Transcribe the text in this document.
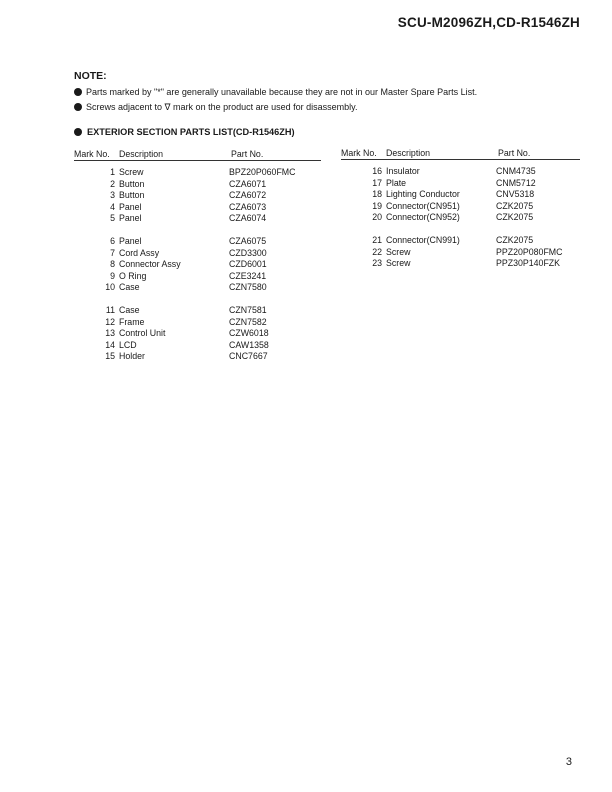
SCU-M2096ZH,CD-R1546ZH
NOTE:
Parts marked by "*" are generally unavailable because they are not in our Master Spare Parts List.
Screws adjacent to ∇ mark on the product are used for disassembly.
EXTERIOR SECTION PARTS LIST(CD-R1546ZH)
Mark No. Description	Part No.
1 Screw	BPZ20P060FMC
2 Button	CZA6071
3 Button	CZA6072
4 Panel	CZA6073
5 Panel	CZA6074
6 Panel	CZA6075
7 Cord Assy	CZD3300
8 Connector Assy	CZD6001
9 O Ring	CZE3241
10 Case	CZN7580
11 Case	CZN7581
12 Frame	CZN7582
13 Control Unit	CZW6018
14 LCD	CAW1358
15 Holder	CNC7667
Mark No. Description	Part No.
16 Insulator	CNM4735
17 Plate	CNM5712
18 Lighting Conductor	CNV5318
19 Connector(CN951)	CZK2075
20 Connector(CN952)	CZK2075
21 Connector(CN991)	CZK2075
22 Screw	PPZ20P080FMC
23 Screw	PPZ30P140FZK
3
